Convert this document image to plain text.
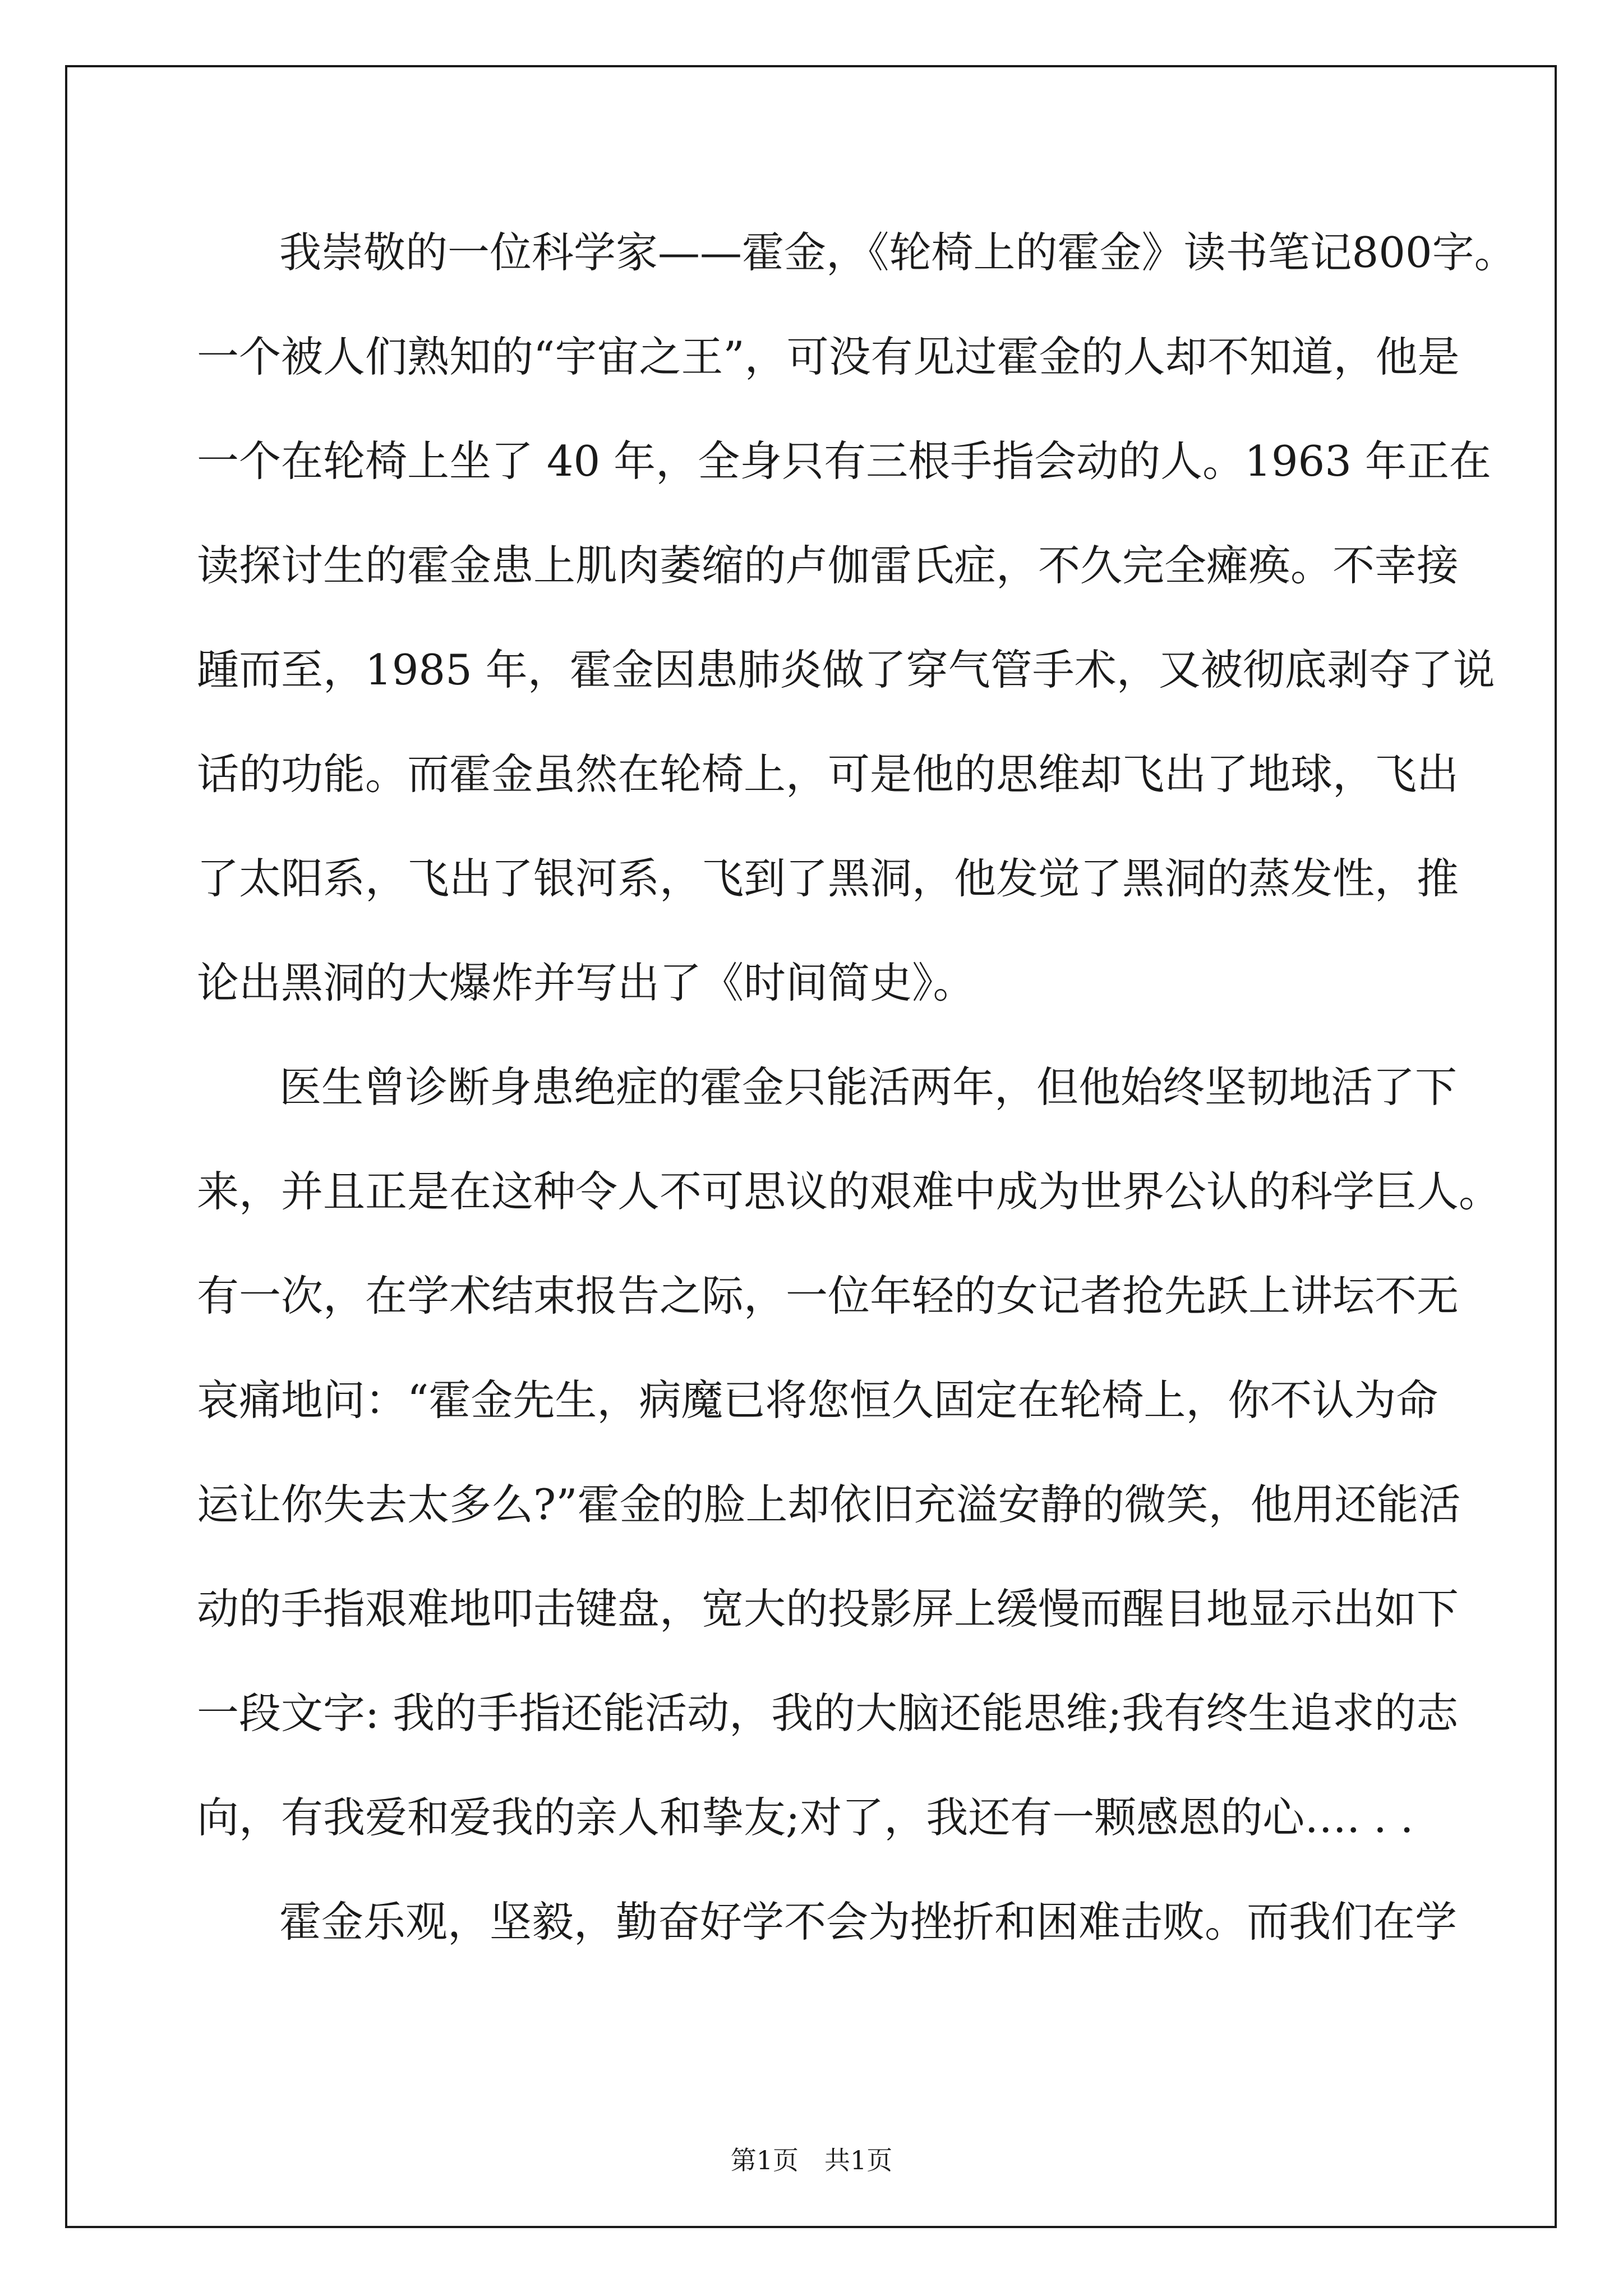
我崇敬的一位科学家——霍金，《轮椅上的霍金》读书笔记800字。
一个被人们熟知的“宇宙之王”，可没有见过霍金的人却不知道，他是
一个在轮椅上坐了 40 年，全身只有三根手指会动的人。1963 年正在
读探讨生的霍金患上肌肉萎缩的卢伽雷氏症，不久完全瘫痪。不幸接
踵而至，1985 年，霍金因患肺炎做了穿气管手术，又被彻底剥夺了说
话的功能。而霍金虽然在轮椅上，可是他的思维却飞出了地球，飞出
了太阳系，飞出了银河系，飞到了黑洞，他发觉了黑洞的蒸发性，推
论出黑洞的大爆炸并写出了《时间简史》。
医生曾诊断身患绝症的霍金只能活两年，但他始终坚韧地活了下
来，并且正是在这种令人不可思议的艰难中成为世界公认的科学巨人。
有一次，在学术结束报告之际，一位年轻的女记者抢先跃上讲坛不无
哀痛地问：“霍金先生，病魔已将您恒久固定在轮椅上，你不认为命
运让你失去太多么?”霍金的脸上却依旧充溢安静的微笑，他用还能活
动的手指艰难地叩击键盘，宽大的投影屏上缓慢而醒目地显示出如下
一段文字: 我的手指还能活动，我的大脑还能思维;我有终生追求的志
向，有我爱和爱我的亲人和挚友;对了，我还有一颗感恩的心…. . .
霍金乐观，坚毅，勤奋好学不会为挫折和困难击败。而我们在学
第1页　共1页
